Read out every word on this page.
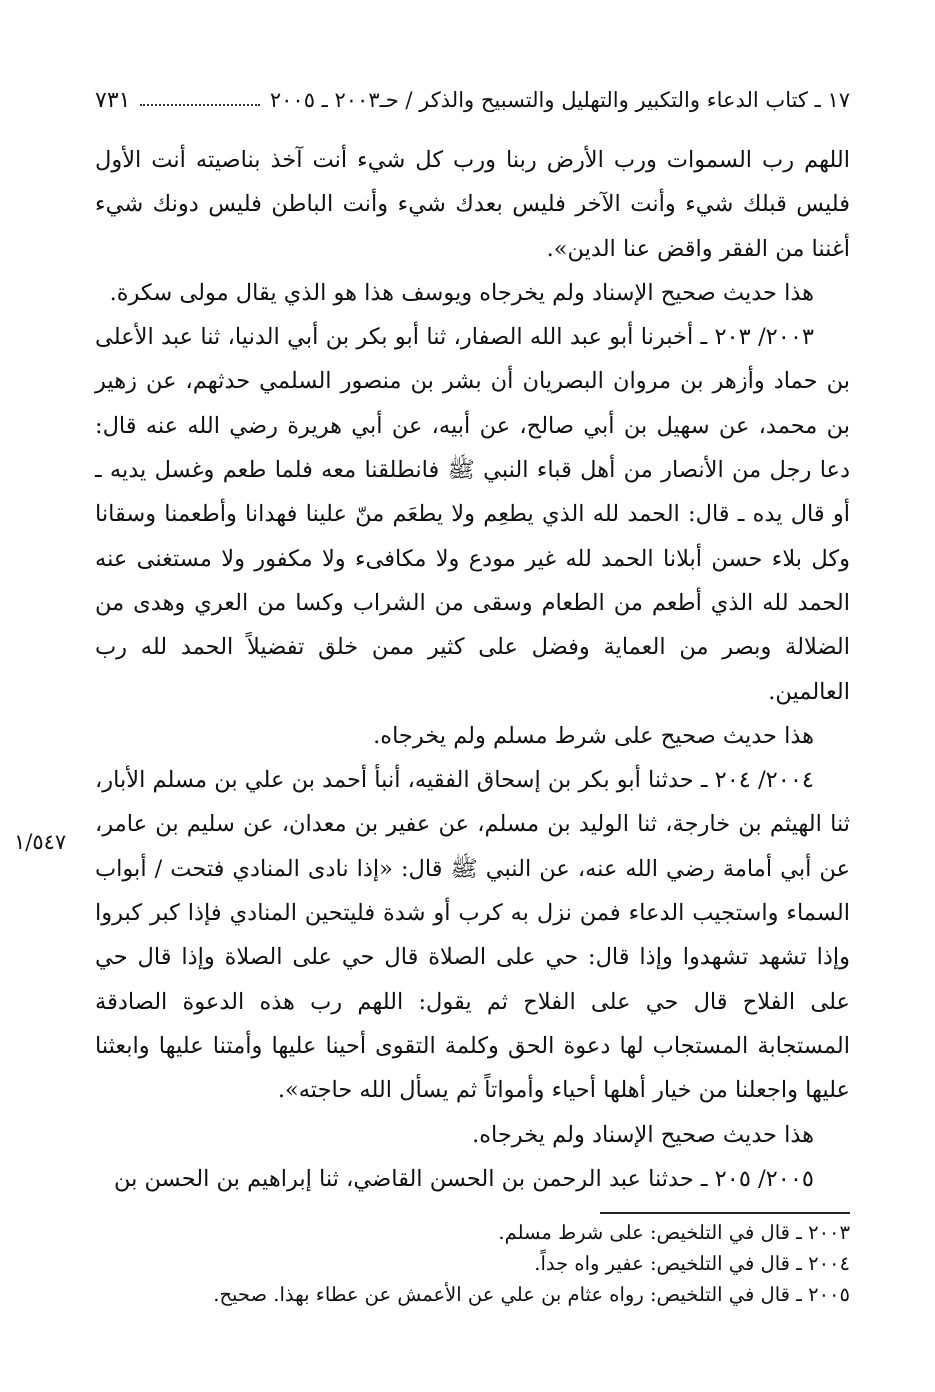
١٧ ـ كتاب الدعاء والتكبير والتهليل والتسبيح والذكر / حـ٢٠٠٣ ـ ٢٠٠٥
٧٣١

اللهم رب السموات ورب الأرض ربنا ورب كل شيء أنت آخذ بناصيته أنت الأول فليس قبلك شيء وأنت الآخر فليس بعدك شيء وأنت الباطن فليس دونك شيء أغننا من الفقر واقض عنا الدين».

هذا حديث صحيح الإسناد ولم يخرجاه ويوسف هذا هو الذي يقال مولى سكرة.

٢٠٠٣/ ٢٠٣ ـ أخبرنا أبو عبد الله الصفار، ثنا أبو بكر بن أبي الدنيا، ثنا عبد الأعلى بن حماد وأزهر بن مروان البصريان أن بشر بن منصور السلمي حدثهم، عن زهير بن محمد، عن سهيل بن أبي صالح، عن أبيه، عن أبي هريرة رضي الله عنه قال: دعا رجل من الأنصار من أهل قباء النبي ﷺ فانطلقنا معه فلما طعم وغسل يديه ـ أو قال يده ـ قال: الحمد لله الذي يطعِم ولا يطعَم منّ علينا فهدانا وأطعمنا وسقانا وكل بلاء حسن أبلانا الحمد لله غير مودع ولا مكافىء ولا مكفور ولا مستغنى عنه الحمد لله الذي أطعم من الطعام وسقى من الشراب وكسا من العري وهدى من الضلالة وبصر من العماية وفضل على كثير ممن خلق تفضيلاً الحمد لله رب العالمين.

هذا حديث صحيح على شرط مسلم ولم يخرجاه.

٢٠٠٤/ ٢٠٤ ـ حدثنا أبو بكر بن إسحاق الفقيه، أنبأ أحمد بن علي بن مسلم الأبار، ثنا الهيثم بن خارجة، ثنا الوليد بن مسلم، عن عفير بن معدان، عن سليم بن عامر، عن أبي أمامة رضي الله عنه، عن النبي ﷺ قال: «إذا نادى المنادي فتحت / أبواب السماء واستجيب الدعاء فمن نزل به كرب أو شدة فليتحين المنادي فإذا كبر كبروا وإذا تشهد تشهدوا وإذا قال: حي على الصلاة قال حي على الصلاة وإذا قال حي على الفلاح قال حي على الفلاح ثم يقول: اللهم رب هذه الدعوة الصادقة المستجابة المستجاب لها دعوة الحق وكلمة التقوى أحينا عليها وأمتنا عليها وابعثنا عليها واجعلنا من خيار أهلها أحياء وأمواتاً ثم يسأل الله حاجته».

هذا حديث صحيح الإسناد ولم يخرجاه.

٢٠٠٥/ ٢٠٥ ـ حدثنا عبد الرحمن بن الحسن القاضي، ثنا إبراهيم بن الحسن بن

١/٥٤٧

٢٠٠٣ ـ قال في التلخيص: على شرط مسلم.

٢٠٠٤ ـ قال في التلخيص: عفير واه جداً.

٢٠٠٥ ـ قال في التلخيص: رواه عثام بن علي عن الأعمش عن عطاء بهذا. صحيح.
